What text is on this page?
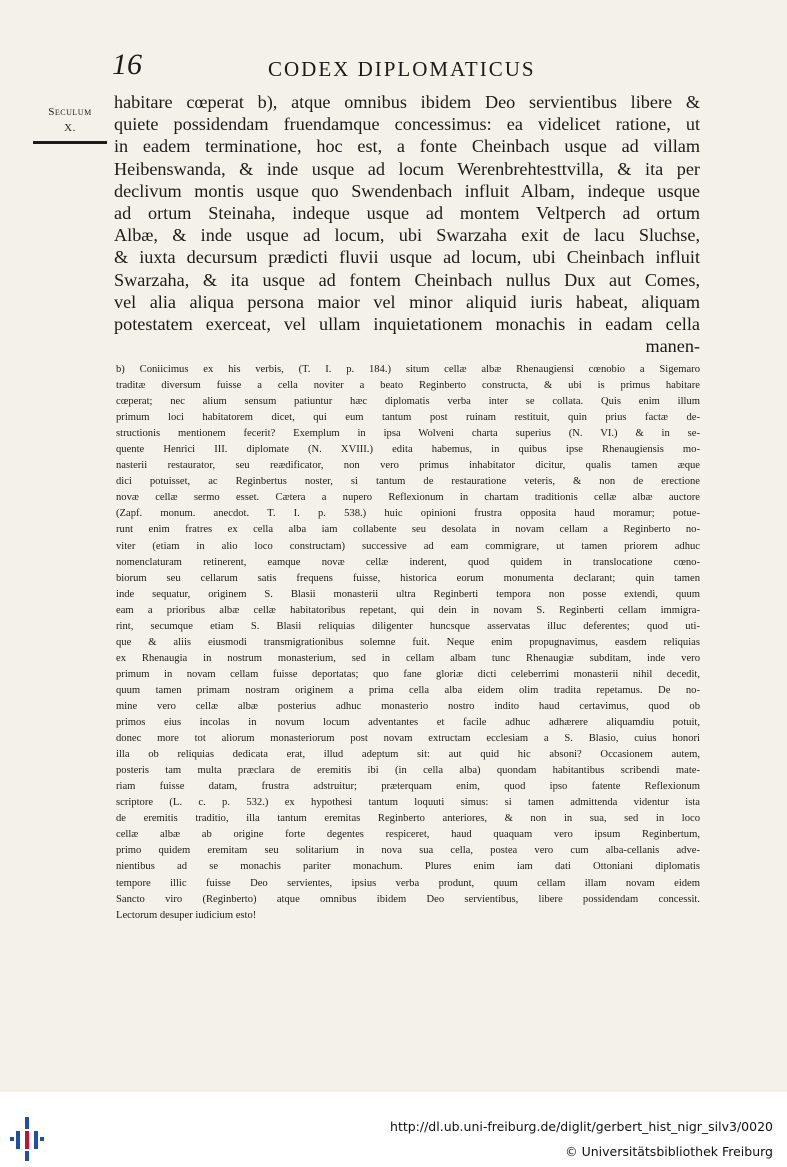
16	CODEX DIPLOMATICUS
Seculum
X.
habitare cœperat b), atque omnibus ibidem Deo servientibus libere &
quiete possidendam fruendamque concessimus: ea videlicet ratione, ut
in eadem terminatione, hoc est, a fonte Cheinbach usque ad villam
Heibenswanda, & inde usque ad locum Werenbrehtesttvilla, & ita per
declivum montis usque quo Swendenbach influit Albam, indeque usque
ad ortum Steinaha, indeque usque ad montem Veltperch ad ortum
Albæ, & inde usque ad locum, ubi Swarzaha exit de lacu Sluchse,
& iuxta decursum prædicti fluvii usque ad locum, ubi Cheinbach influit
Swarzaha, & ita usque ad fontem Cheinbach nullus Dux aut Comes,
vel alia aliqua persona maior vel minor aliquid iuris habeat, aliquam
potestatem exerceat, vel ullam inquietationem monachis in eadam cella
manen-
b) Coniicimus ex his verbis, (T. I. p. 184.) situm cellæ albæ Rhenaugiensi cœnobio a Sigemaro
traditæ diversum fuisse a cella noviter a beato Reginberto constructa, & ubi is primus habitare
cœperat; nec alium sensum patiuntur hæc diplomatis verba inter se collata. Quis enim illum
primum loci habitatorem dicet, qui eum tantum post ruinam restituit, quin prius factæ de-
structionis mentionem fecerit? Exemplum in ipsa Wolveni charta superius (N. VI.) & in se-
quente Henrici III. diplomate (N. XVIII.) edita habemus, in quibus ipse Rhenaugiensis mo-
nasterii restaurator, seu reædificator, non vero primus inhabitator dicitur, qualis tamen æque
dici potuisset, ac Reginbertus noster, si tantum de restauratione veteris, & non de erectione
novæ cellæ sermo esset. Cætera a nupero Reflexionum in chartam traditionis cellæ albæ auctore
(Zapf. monum. anecdot. T. I. p. 538.) huic opinioni frustra opposita haud moramur; potue-
runt enim fratres ex cella alba iam collabente seu desolata in novam cellam a Reginberto no-
viter (etiam in alio loco constructam) successive ad eam commigrare, ut tamen priorem adhuc
nomenclaturam retinerent, eamque novæ cellæ inderent, quod quidem in translocatione cœno-
biorum seu cellarum satis frequens fuisse, historica eorum monumenta declarant; quin tamen
inde sequatur, originem S. Blasii monasterii ultra Reginberti tempora non posse extendi, quum
eam a prioribus albæ cellæ habitatoribus repetant, qui dein in novam S. Reginberti cellam immigra-
rint, secumque etiam S. Blasii reliquias diligenter huncsque asservatas illuc deferentes; quod uti-
que & aliis eiusmodi transmigrationibus solemne fuit. Neque enim propugnavimus, easdem reliquias
ex Rhenaugia in nostrum monasterium, sed in cellam albam tunc Rhenaugiæ subditam, inde vero
primum in novam cellam fuisse deportatas; quo fane gloriæ dicti celeberrimi monasterii nihil decedit,
quum tamen primam nostram originem a prima cella alba eidem olim tradita repetamus. De no-
mine vero cellæ albæ posterius adhuc monasterio nostro indito haud certavimus, quod ob
primos eius incolas in novum locum adventantes et facile adhuc adhærere aliquamdiu potuit,
donec more tot aliorum monasteriorum post novam extructam ecclesiam a S. Blasio, cuius honori
illa ob reliquias dedicata erat, illud adeptum sit: aut quid hic absoni? Occasionem autem,
posteris tam multa præclara de eremitis ibi (in cella alba) quondam habitantibus scribendi mate-
riam fuisse datam, frustra adstruitur; præterquam enim, quod ipso fatente Reflexionum
scriptore (L. c. p. 532.) ex hypothesi tantum loquuti simus: si tamen admittenda videntur ista
de eremitis traditio, illa tantum eremitas Reginberto anteriores, & non in sua, sed in loco
cellæ albæ ab origine forte degentes respiceret, haud quaquam vero ipsum Reginbertum,
primo quidem eremitam seu solitarium in nova sua cella, postea vero cum alba-cellanis adve-
nientibus ad se monachis pariter monachum. Plures enim iam dati Ottoniani diplomatis
tempore illic fuisse Deo servientes, ipsius verba produnt, quum cellam illam novam eidem
Sancto viro (Reginberto) atque omnibus ibidem Deo servientibus, libere possidendam concessit.
Lectorum desuper iudicium esto!
http://dl.ub.uni-freiburg.de/diglit/gerbert_hist_nigr_silv3/0020
© Universitätsbibliothek Freiburg
